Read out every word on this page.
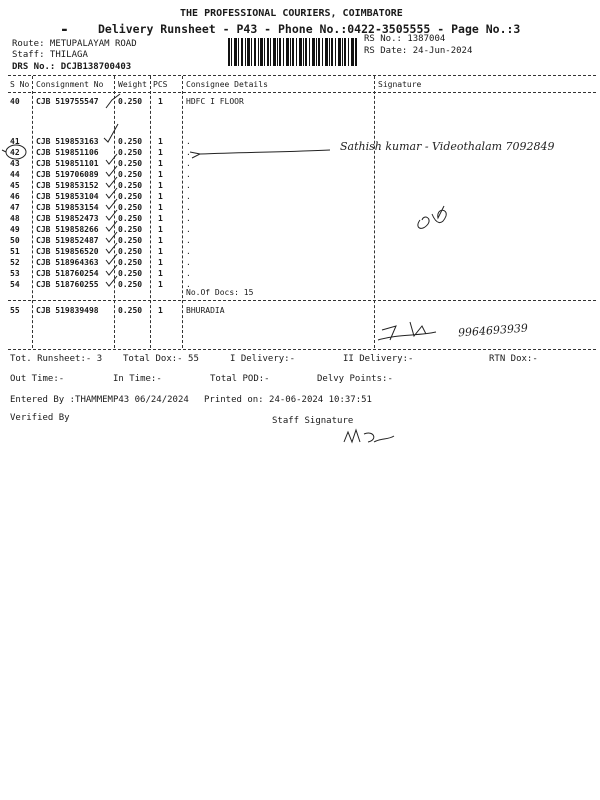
THE PROFESSIONAL COURIERS, COIMBATORE
▬	Delivery Runsheet - P43 - Phone No.:0422-3505555 - Page No.:3
Route: METUPALAYAM ROAD
Staff: THILAGA
DRS No.: DCJB138700403
RS No.: 1387004
RS Date: 24-Jun-2024
S No Consignment No Weight PCS Consignee Details	Signature
40 CJB 519755547 0.250 1	HDFC I FLOOR
41 CJB 519853163 0.250 1	.
42 CJB 519851106 0.250 1	.
43 CJB 519851101 0.250 1	.
44 CJB 519706089 0.250 1	.
45 CJB 519853152 0.250 1	.
46 CJB 519853104 0.250 1	.
47 CJB 519853154 0.250 1	.
48 CJB 519852473 0.250 1	.
49 CJB 519858266 0.250 1	.
50 CJB 519852487 0.250 1	.
51 CJB 519856520 0.250 1	.
52 CJB 518964363 0.250 1	.
53 CJB 518760254 0.250 1	.
54 CJB 518760255 0.250 1	.
55 CJB 519839498 0.250 1	BHURADIA
No.Of Docs: 15
Sathish kumar - Videothalam 7092849
9964693939
Tot. Runsheet:- 3 Total Dox:- 55	I Delivery:-	II Delivery:-	RTN Dox:-
Out Time:-	In Time:-	Total POD:-	Delvy Points:-
Entered By :THAMMEMP43 06/24/2024 Printed on: 24-06-2024 10:37:51
Verified By	Staff Signature
